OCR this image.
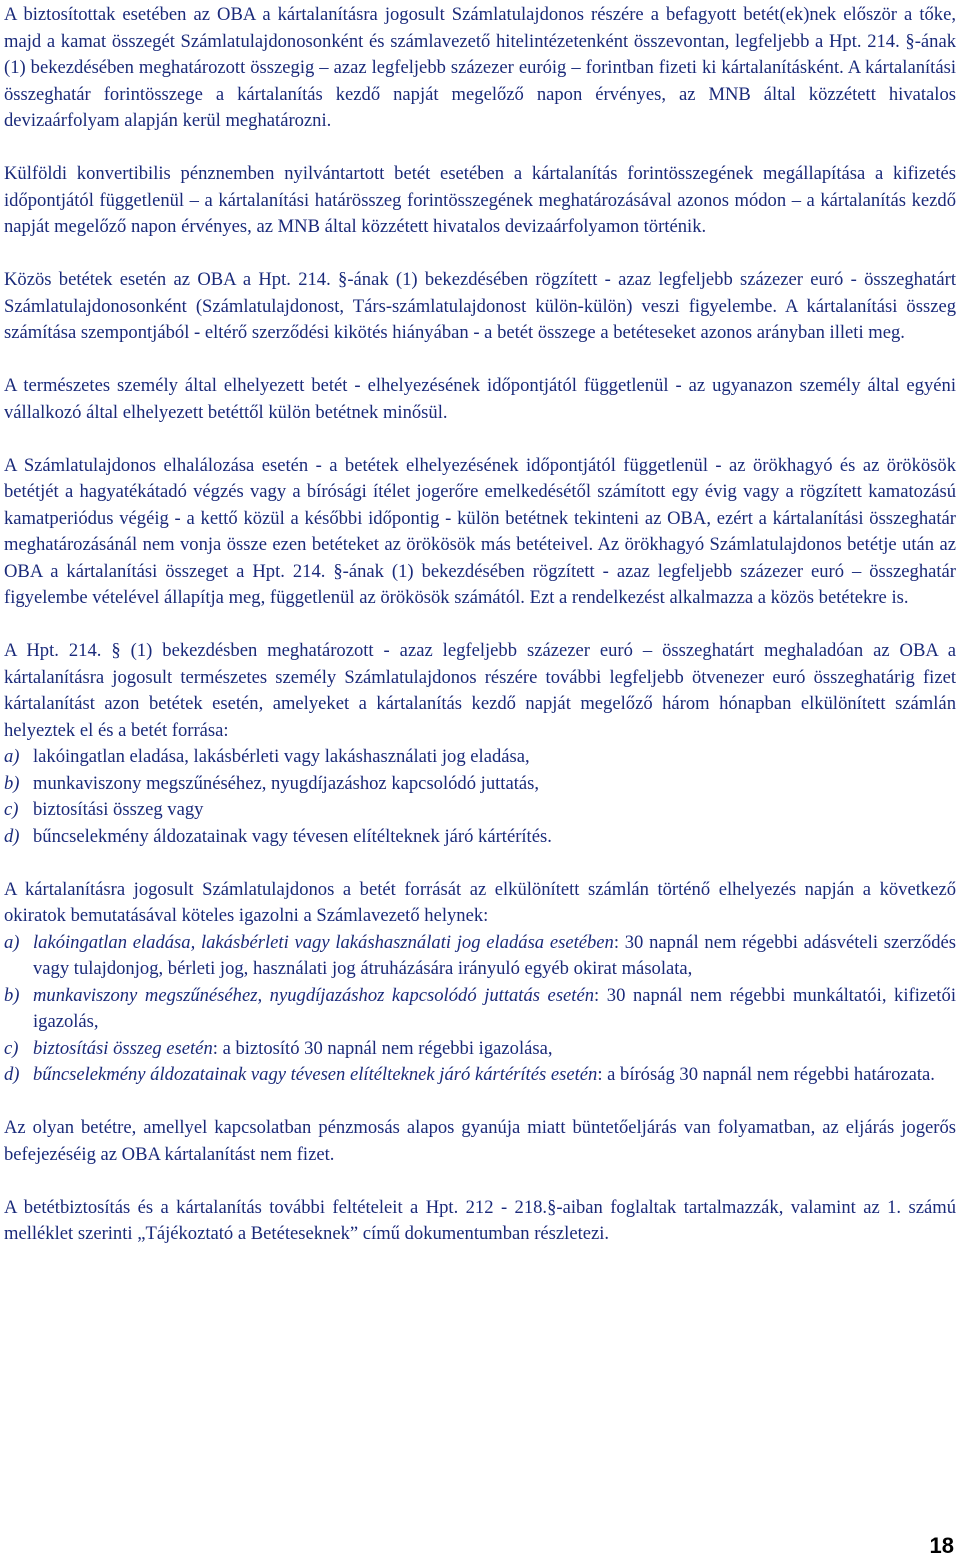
A biztosítottak esetében az OBA a kártalanításra jogosult Számlatulajdonos részére a befagyott betét(ek)nek először a tőke, majd a kamat összegét Számlatulajdonosonként és számlavezető hitelintézetenként összevontan, legfeljebb a Hpt. 214. §-ának (1) bekezdésében meghatározott összegig – azaz legfeljebb százezer euróig – forintban fizeti ki kártalanításként. A kártalanítási összeghatár forintösszege a kártalanítás kezdő napját megelőző napon érvényes, az MNB által közzétett hivatalos devizaárfolyam alapján kerül meghatározni.

Külföldi konvertibilis pénznemben nyilvántartott betét esetében a kártalanítás forintösszegének megállapítása a kifizetés időpontjától függetlenül – a kártalanítási határösszeg forintösszegének meghatározásával azonos módon – a kártalanítás kezdő napját megelőző napon érvényes, az MNB által közzétett hivatalos devizaárfolyamon történik.

Közös betétek esetén az OBA a Hpt. 214. §-ának (1) bekezdésében rögzített - azaz legfeljebb százezer euró - összeghatárt Számlatulajdonosonként (Számlatulajdonost, Társ-számlatulajdonost külön-külön) veszi figyelembe. A kártalanítási összeg számítása szempontjából - eltérő szerződési kikötés hiányában - a betét összege a betéteseket azonos arányban illeti meg.

A természetes személy által elhelyezett betét - elhelyezésének időpontjától függetlenül - az ugyanazon személy által egyéni vállalkozó által elhelyezett betéttől külön betétnek minősül.

A Számlatulajdonos elhalálozása esetén - a betétek elhelyezésének időpontjától függetlenül - az örökhagyó és az örökösök betétjét a hagyatékátadó végzés vagy a bírósági ítélet jogerőre emelkedésétől számított egy évig vagy a rögzített kamatozású kamatperiódus végéig - a kettő közül a későbbi időpontig - külön betétnek tekinteni az OBA, ezért a kártalanítási összeghatár meghatározásánál nem vonja össze ezen betéteket az örökösök más betéteivel. Az örökhagyó Számlatulajdonos betétje után az OBA a kártalanítási összeget a Hpt. 214. §-ának (1) bekezdésében rögzített - azaz legfeljebb százezer euró – összeghatár figyelembe vételével állapítja meg, függetlenül az örökösök számától. Ezt a rendelkezést alkalmazza a közös betétekre is.

A Hpt. 214. § (1) bekezdésben meghatározott - azaz legfeljebb százezer euró – összeghatárt meghaladóan az OBA a kártalanításra jogosult természetes személy Számlatulajdonos részére további legfeljebb ötvenezer euró összeghatárig fizet kártalanítást azon betétek esetén, amelyeket a kártalanítás kezdő napját megelőző három hónapban elkülönített számlán helyeztek el és a betét forrása:

a) lakóingatlan eladása, lakásbérleti vagy lakáshasználati jog eladása,
b) munkaviszony megszűnéséhez, nyugdíjazáshoz kapcsolódó juttatás,
c) biztosítási összeg vagy
d) bűncselekmény áldozatainak vagy tévesen elítélteknek járó kártérítés.

A kártalanításra jogosult Számlatulajdonos a betét forrását az elkülönített számlán történő elhelyezés napján a következő okiratok bemutatásával köteles igazolni a Számlavezető helynek:

a) lakóingatlan eladása, lakásbérleti vagy lakáshasználati jog eladása esetében: 30 napnál nem régebbi adásvételi szerződés vagy tulajdonjog, bérleti jog, használati jog átruházására irányuló egyéb okirat másolata,
b) munkaviszony megszűnéséhez, nyugdíjazáshoz kapcsolódó juttatás esetén: 30 napnál nem régebbi munkáltatói, kifizetői igazolás,
c) biztosítási összeg esetén: a biztosító 30 napnál nem régebbi igazolása,
d) bűncselekmény áldozatainak vagy tévesen elítélteknek járó kártérítés esetén: a bíróság 30 napnál nem régebbi határozata.

Az olyan betétre, amellyel kapcsolatban pénzmosás alapos gyanúja miatt büntetőeljárás van folyamatban, az eljárás jogerős befejezéséig az OBA kártalanítást nem fizet.

A betétbiztosítás és a kártalanítás további feltételeit a Hpt. 212 - 218.§-aiban foglaltak tartalmazzák, valamint az 1. számú melléklet szerinti „Tájékoztató a Betéteseknek” című dokumentumban részletezi.

18
